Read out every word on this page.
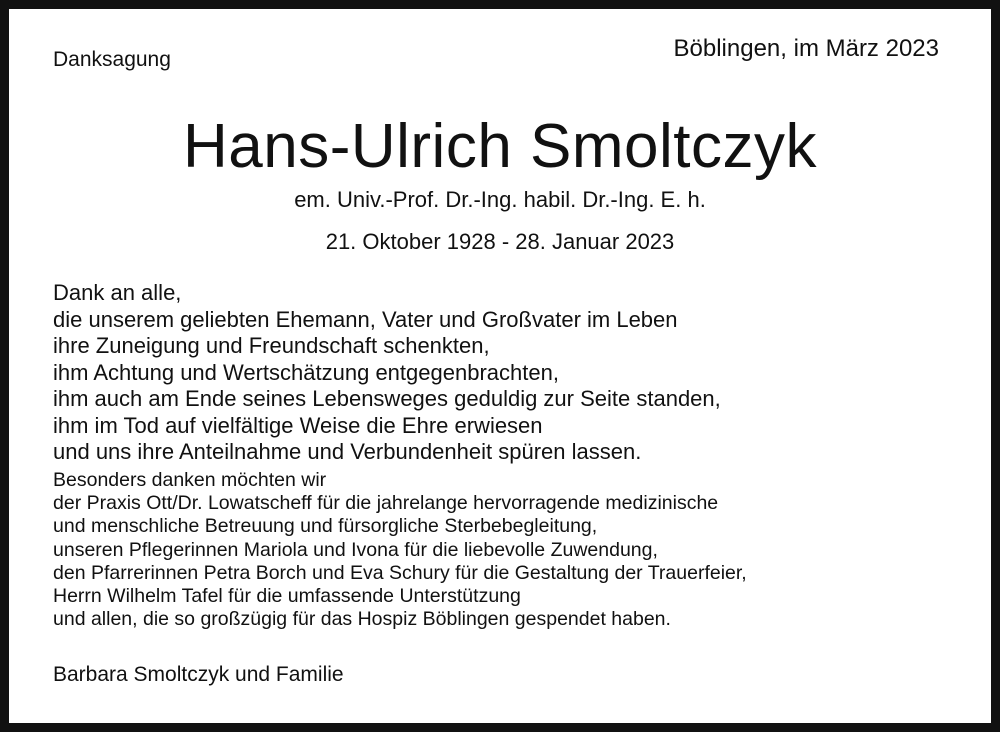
Danksagung	Böblingen, im März 2023
Hans-Ulrich Smoltczyk
em. Univ.-Prof. Dr.-Ing. habil. Dr.-Ing. E. h.
21. Oktober 1928 - 28. Januar 2023
Dank an alle,
die unserem geliebten Ehemann, Vater und Großvater im Leben
ihre Zuneigung und Freundschaft schenkten,
ihm Achtung und Wertschätzung entgegenbrachten,
ihm auch am Ende seines Lebensweges geduldig zur Seite standen,
ihm im Tod auf vielfältige Weise die Ehre erwiesen
und uns ihre Anteilnahme und Verbundenheit spüren lassen.
Besonders danken möchten wir
der Praxis Ott/Dr. Lowatscheff für die jahrelange hervorragende medizinische
und menschliche Betreuung und fürsorgliche Sterbebegleitung,
unseren Pflegerinnen Mariola und Ivona für die liebevolle Zuwendung,
den Pfarrerinnen Petra Borch und Eva Schury für die Gestaltung der Trauerfeier,
Herrn Wilhelm Tafel für die umfassende Unterstützung
und allen, die so großzügig für das Hospiz Böblingen gespendet haben.
Barbara Smoltczyk und Familie
